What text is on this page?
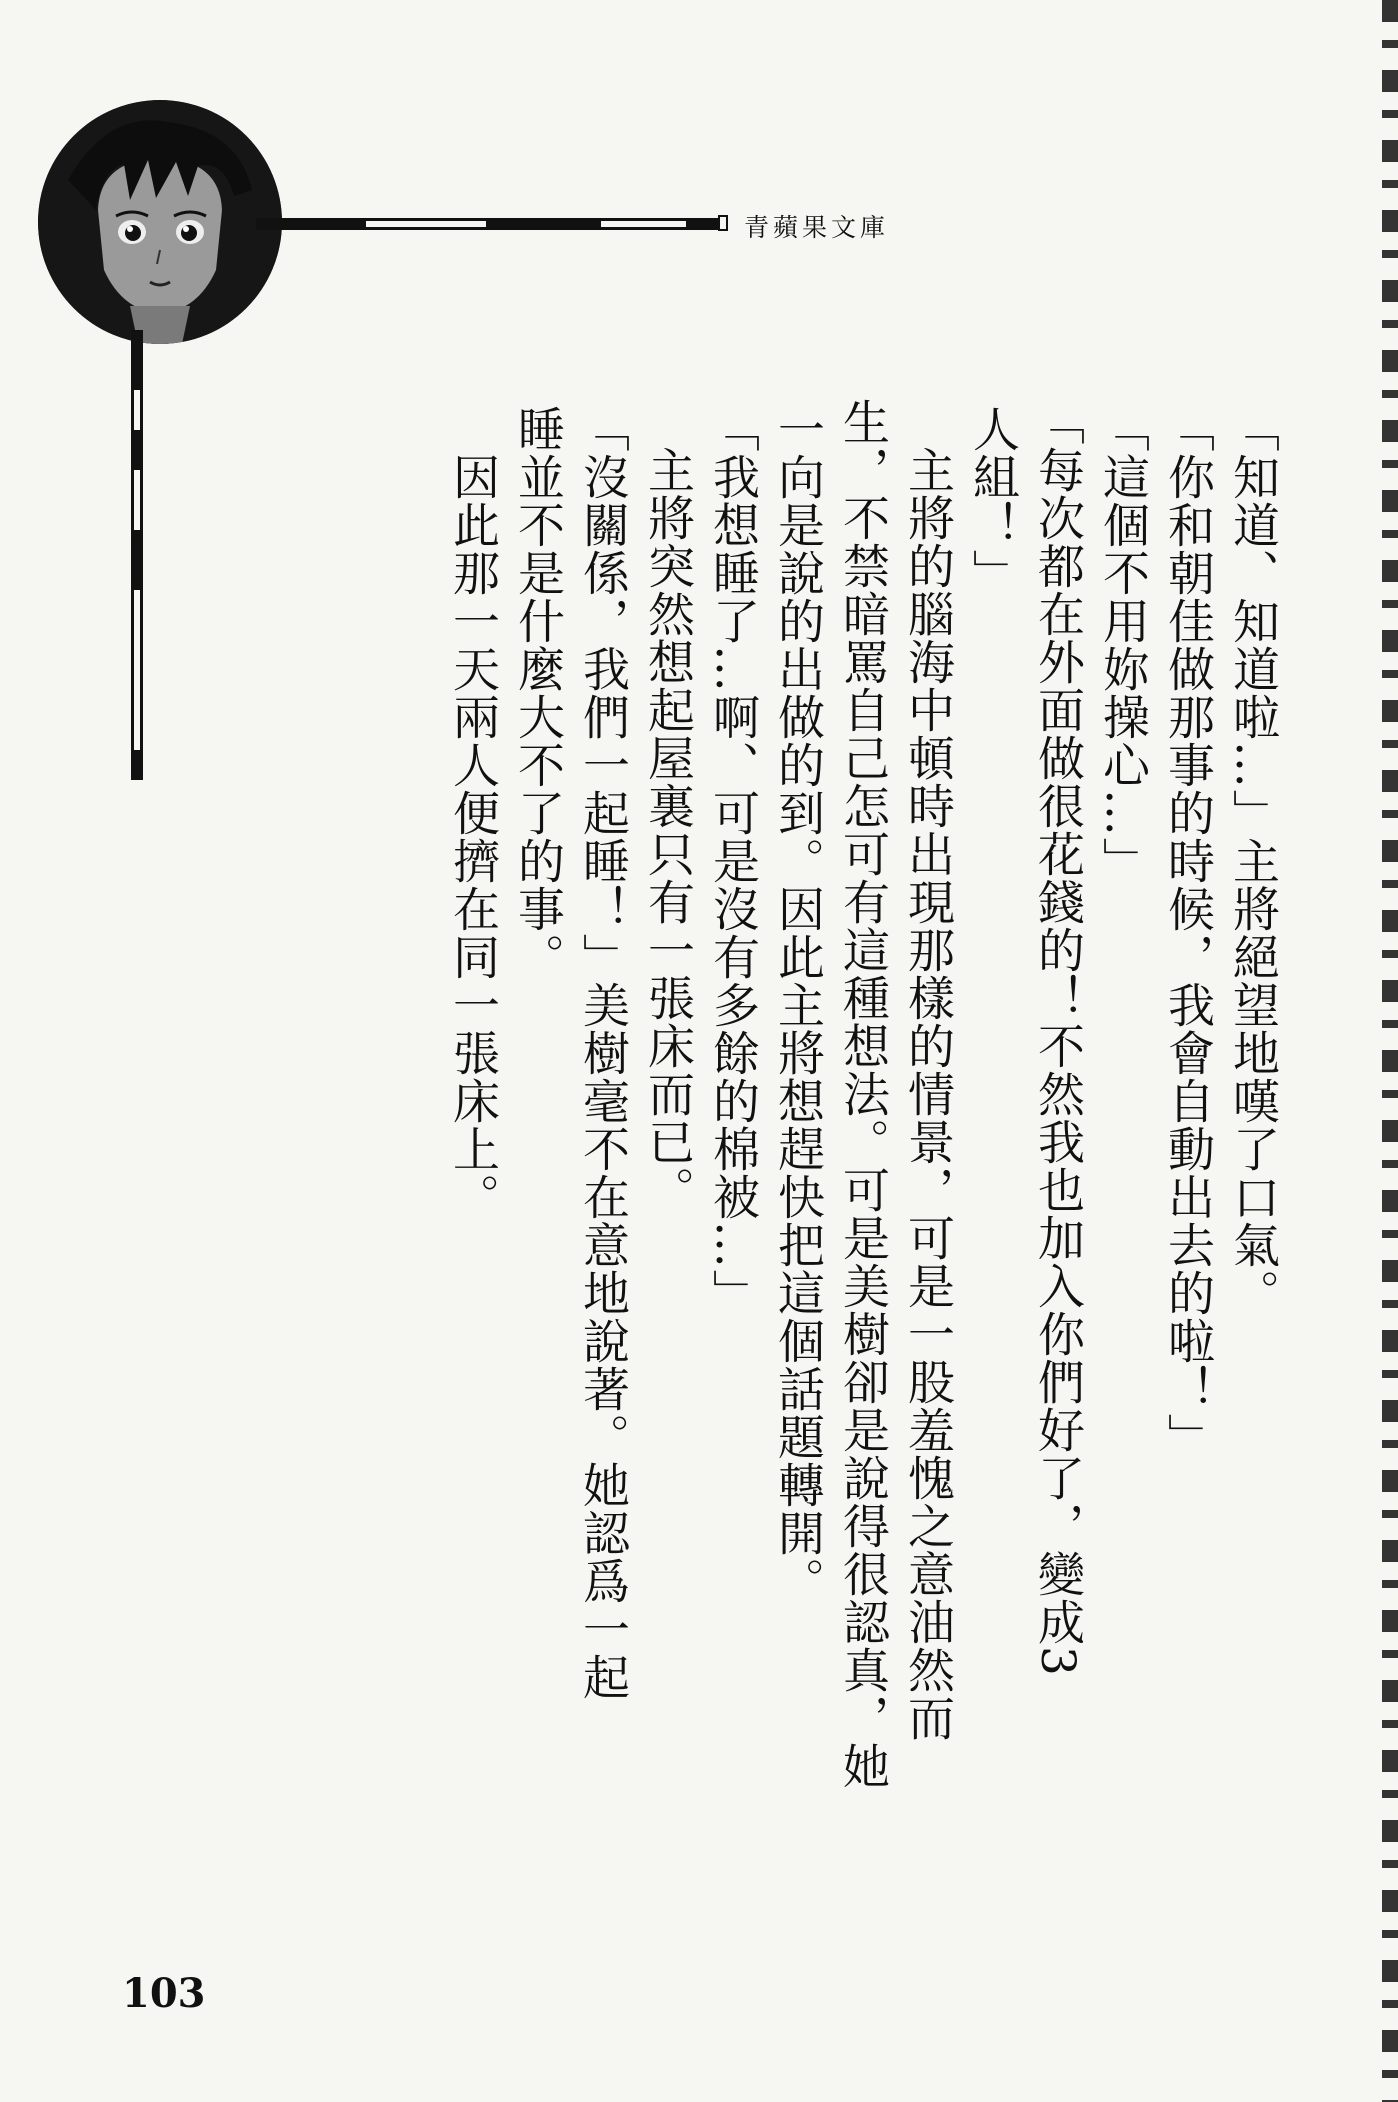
青蘋果文庫
「知道、知道啦…」主將絕望地嘆了口氣。
「你和朝佳做那事的時候，我會自動出去的啦！」
「這個不用妳操心…」
「每次都在外面做很花錢的！不然我也加入你們好了，變成3
人組！」
　主將的腦海中頓時出現那樣的情景，可是一股羞愧之意油然而
生，不禁暗罵自己怎可有這種想法。可是美樹卻是說得很認真，她
一向是說的出做的到。因此主將想趕快把這個話題轉開。
「我想睡了…啊、可是沒有多餘的棉被…」
　主將突然想起屋裏只有一張床而已。
「沒關係，我們一起睡！」美樹毫不在意地說著。她認爲一起
睡並不是什麼大不了的事。
　因此那一天兩人便擠在同一張床上。
103
